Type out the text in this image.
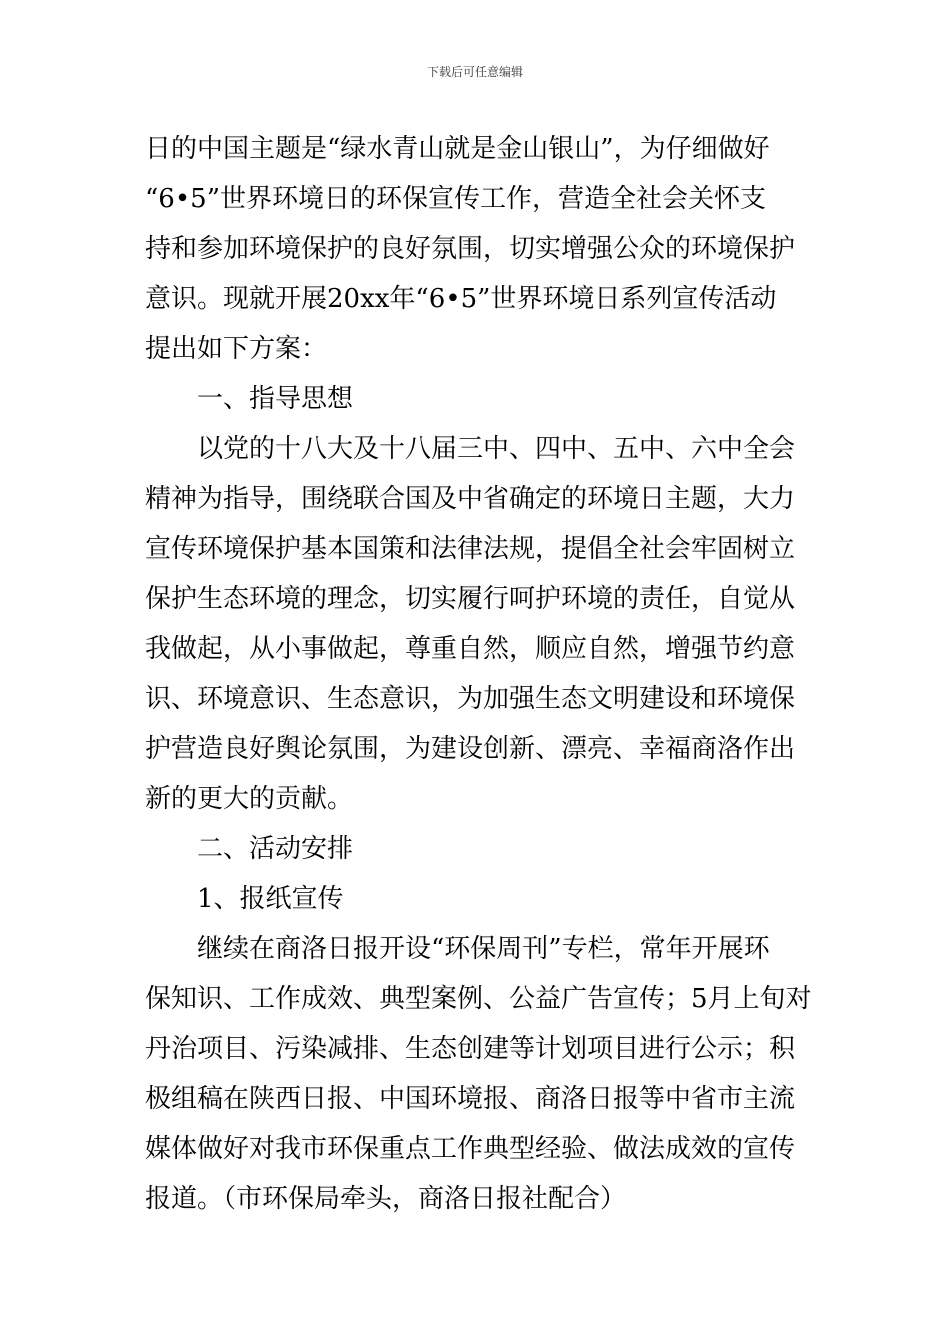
下载后可任意编辑
日的中国主题是“绿水青山就是金山银山”，为仔细做好
“6•5”世界环境日的环保宣传工作，营造全社会关怀支
持和参加环境保护的良好氛围，切实增强公众的环境保护
意识。现就开展20xx年“6•5”世界环境日系列宣传活动
提出如下方案：
一、指导思想
以党的十八大及十八届三中、四中、五中、六中全会
精神为指导，围绕联合国及中省确定的环境日主题，大力
宣传环境保护基本国策和法律法规，提倡全社会牢固树立
保护生态环境的理念，切实履行呵护环境的责任，自觉从
我做起，从小事做起，尊重自然，顺应自然，增强节约意
识、环境意识、生态意识，为加强生态文明建设和环境保
护营造良好舆论氛围，为建设创新、漂亮、幸福商洛作出
新的更大的贡献。
二、活动安排
1、报纸宣传
继续在商洛日报开设“环保周刊”专栏，常年开展环
保知识、工作成效、典型案例、公益广告宣传；5月上旬对
丹治项目、污染减排、生态创建等计划项目进行公示；积
极组稿在陕西日报、中国环境报、商洛日报等中省市主流
媒体做好对我市环保重点工作典型经验、做法成效的宣传
报道。（市环保局牵头，商洛日报社配合）
